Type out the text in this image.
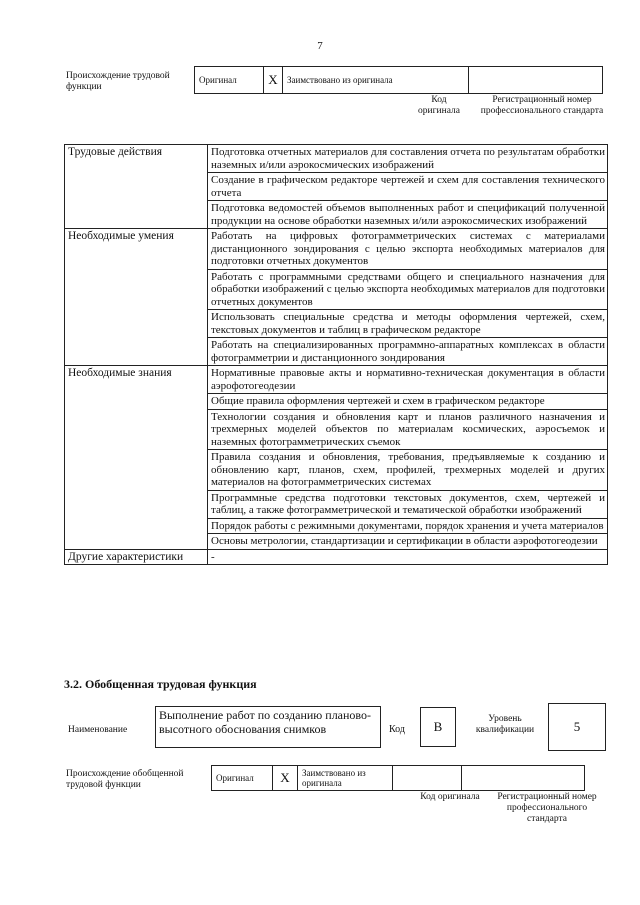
7
Происхождение трудовой функции
Оригинал	X	Заимствовано из оригинала	
Код оригинала
Регистрационный номер профессионального стандарта
Трудовые действия	Подготовка отчетных материалов для составления отчета по результатам обработки наземных и/или аэрокосмических изображений
	Создание в графическом редакторе чертежей и схем для составления технического отчета
	Подготовка ведомостей объемов выполненных работ и спецификаций полученной продукции на основе обработки наземных и/или аэрокосмических изображений
Необходимые умения	Работать на цифровых фотограмметрических системах с материалами дистанционного зондирования с целью экспорта необходимых материалов для подготовки отчетных документов
	Работать с программными средствами общего и специального назначения для обработки изображений с целью экспорта необходимых материалов для подготовки отчетных документов
	Использовать специальные средства и методы оформления чертежей, схем, текстовых документов и таблиц в графическом редакторе
	Работать на специализированных программно-аппаратных комплексах в области фотограмметрии и дистанционного зондирования
Необходимые знания	Нормативные правовые акты и нормативно-техническая документация в области аэрофотогеодезии
	Общие правила оформления чертежей и схем в графическом редакторе
	Технологии создания и обновления карт и планов различного назначения и трехмерных моделей объектов по материалам космических, аэросъемок и наземных фотограмметрических съемок
	Правила создания и обновления, требования, предъявляемые к созданию и обновлению карт, планов, схем, профилей, трехмерных моделей и других материалов на фотограмметрических системах
	Программные средства подготовки текстовых документов, схем, чертежей и таблиц, а также фотограмметрической и тематической обработки изображений
	Порядок работы с режимными документами, порядок хранения и учета материалов
	Основы метрологии, стандартизации и сертификации в области аэрофотогеодезии
Другие характеристики	-
3.2. Обобщенная трудовая функция
Наименование
Выполнение работ по созданию планово-высотного обоснования снимков	Код	B	Уровень квалификации	5
Происхождение обобщенной трудовой функции
Оригинал	X	Заимствовано из оригинала		
Код оригинала	Регистрационный номер профессионального стандарта
